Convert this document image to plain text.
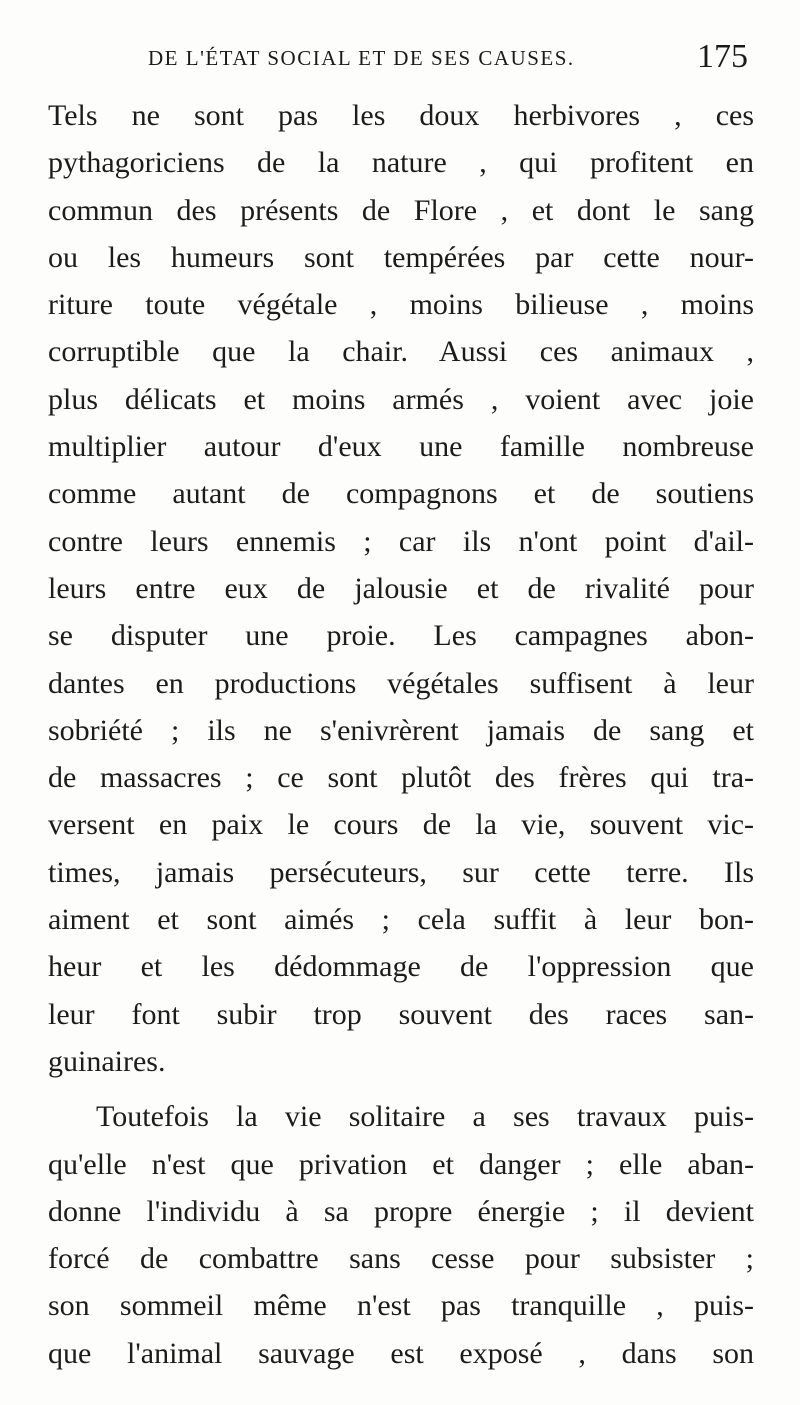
DE L'ÉTAT SOCIAL ET DE SES CAUSES.	175
Tels ne sont pas les doux herbivores , ces
pythagoriciens de la nature , qui profitent en
commun des présents de Flore , et dont le sang
ou les humeurs sont tempérées par cette nour-
riture toute végétale , moins bilieuse , moins
corruptible que la chair. Aussi ces animaux ,
plus délicats et moins armés , voient avec joie
multiplier autour d'eux une famille nombreuse
comme autant de compagnons et de soutiens
contre leurs ennemis ; car ils n'ont point d'ail-
leurs entre eux de jalousie et de rivalité pour
se disputer une proie. Les campagnes abon-
dantes en productions végétales suffisent à leur
sobriété ; ils ne s'enivrèrent jamais de sang et
de massacres ; ce sont plutôt des frères qui tra-
versent en paix le cours de la vie, souvent vic-
times, jamais persécuteurs, sur cette terre. Ils
aiment et sont aimés ; cela suffit à leur bon-
heur et les dédommage de l'oppression que
leur font subir trop souvent des races san-
guinaires.
Toutefois la vie solitaire a ses travaux puis-
qu'elle n'est que privation et danger ; elle aban-
donne l'individu à sa propre énergie ; il devient
forcé de combattre sans cesse pour subsister ;
son sommeil même n'est pas tranquille , puis-
que l'animal sauvage est exposé , dans son
